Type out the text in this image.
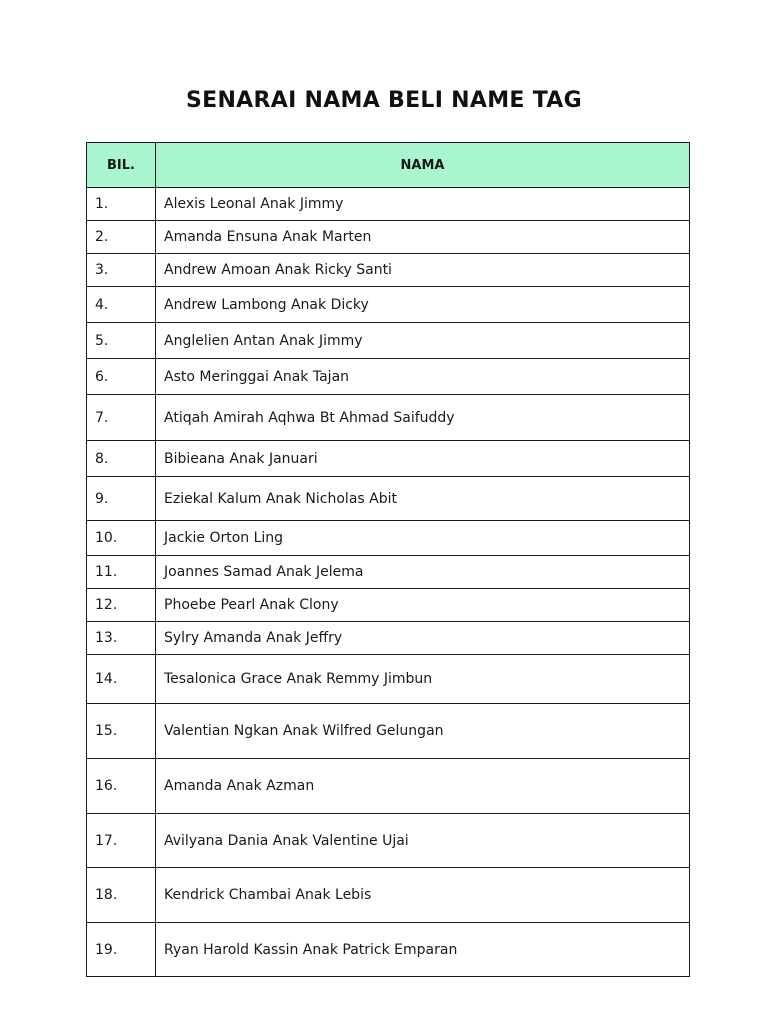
SENARAI NAMA BELI NAME TAG
BIL.	NAMA
1.	Alexis Leonal Anak Jimmy
2.	Amanda Ensuna Anak Marten
3.	Andrew Amoan Anak Ricky Santi
4.	Andrew Lambong Anak Dicky
5.	Anglelien Antan Anak Jimmy
6.	Asto Meringgai Anak Tajan
7.	Atiqah Amirah Aqhwa Bt Ahmad Saifuddy
8.	Bibieana Anak Januari
9.	Eziekal Kalum Anak Nicholas Abit
10.	Jackie Orton Ling
11.	Joannes Samad Anak Jelema
12.	Phoebe Pearl Anak Clony
13.	Sylry Amanda Anak Jeffry
14.	Tesalonica Grace Anak Remmy Jimbun
15.	Valentian Ngkan Anak Wilfred Gelungan
16.	Amanda Anak Azman
17.	Avilyana Dania Anak Valentine Ujai
18.	Kendrick Chambai Anak Lebis
19.	Ryan Harold Kassin Anak Patrick Emparan
